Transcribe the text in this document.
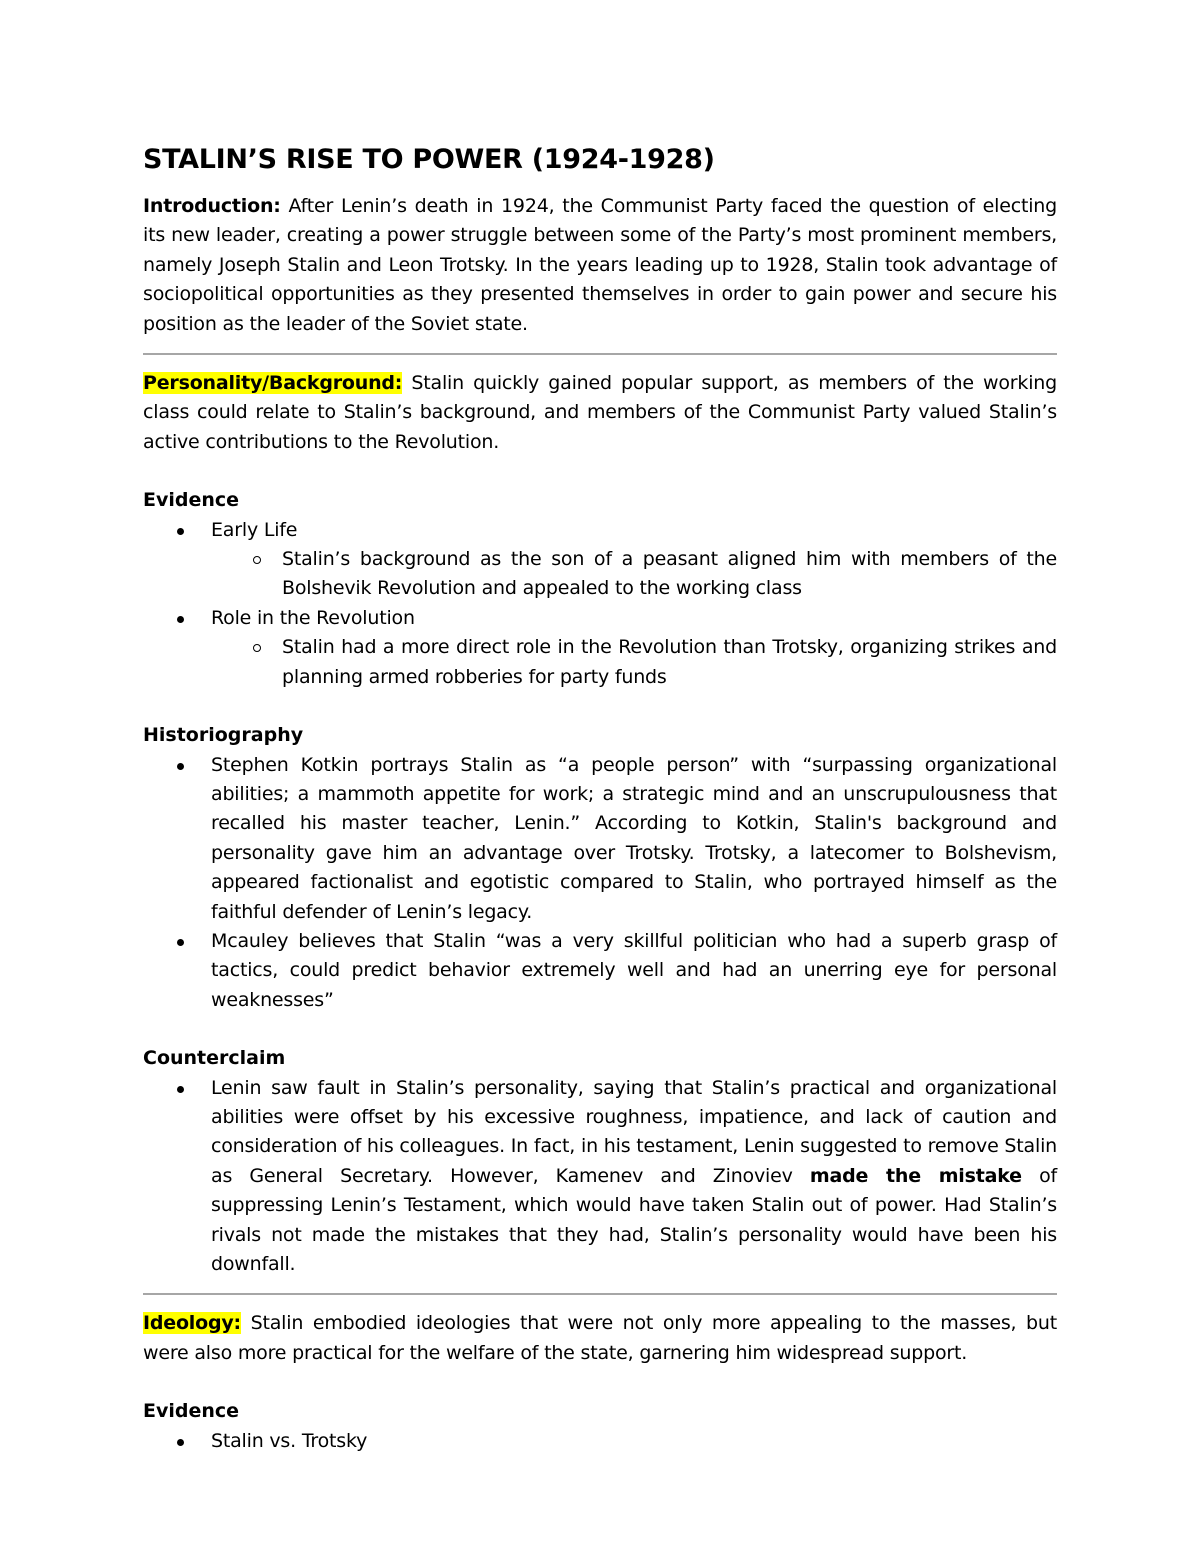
STALIN’S RISE TO POWER (1924-1928)

Introduction: After Lenin’s death in 1924, the Communist Party faced the question of electing its new leader, creating a power struggle between some of the Party’s most prominent members, namely Joseph Stalin and Leon Trotsky. In the years leading up to 1928, Stalin took advantage of sociopolitical opportunities as they presented themselves in order to gain power and secure his position as the leader of the Soviet state.

Personality/Background: Stalin quickly gained popular support, as members of the working class could relate to Stalin’s background, and members of the Communist Party valued Stalin’s active contributions to the Revolution.

Evidence
Early Life
Stalin’s background as the son of a peasant aligned him with members of the Bolshevik Revolution and appealed to the working class
Role in the Revolution
Stalin had a more direct role in the Revolution than Trotsky, organizing strikes and planning armed robberies for party funds
Historiography
Stephen Kotkin portrays Stalin as “a people person” with “surpassing organizational abilities; a mammoth appetite for work; a strategic mind and an unscrupulousness that recalled his master teacher, Lenin.” According to Kotkin, Stalin's background and personality gave him an advantage over Trotsky. Trotsky, a latecomer to Bolshevism, appeared factionalist and egotistic compared to Stalin, who portrayed himself as the faithful defender of Lenin’s legacy.
Mcauley believes that Stalin “was a very skillful politician who had a superb grasp of tactics, could predict behavior extremely well and had an unerring eye for personal weaknesses”
Counterclaim
Lenin saw fault in Stalin’s personality, saying that Stalin’s practical and organizational abilities were offset by his excessive roughness, impatience, and lack of caution and consideration of his colleagues. In fact, in his testament, Lenin suggested to remove Stalin as General Secretary. However, Kamenev and Zinoviev made the mistake of suppressing Lenin’s Testament, which would have taken Stalin out of power. Had Stalin’s rivals not made the mistakes that they had, Stalin’s personality would have been his downfall.

Ideology: Stalin embodied ideologies that were not only more appealing to the masses, but were also more practical for the welfare of the state, garnering him widespread support.

Evidence
Stalin vs. Trotsky
